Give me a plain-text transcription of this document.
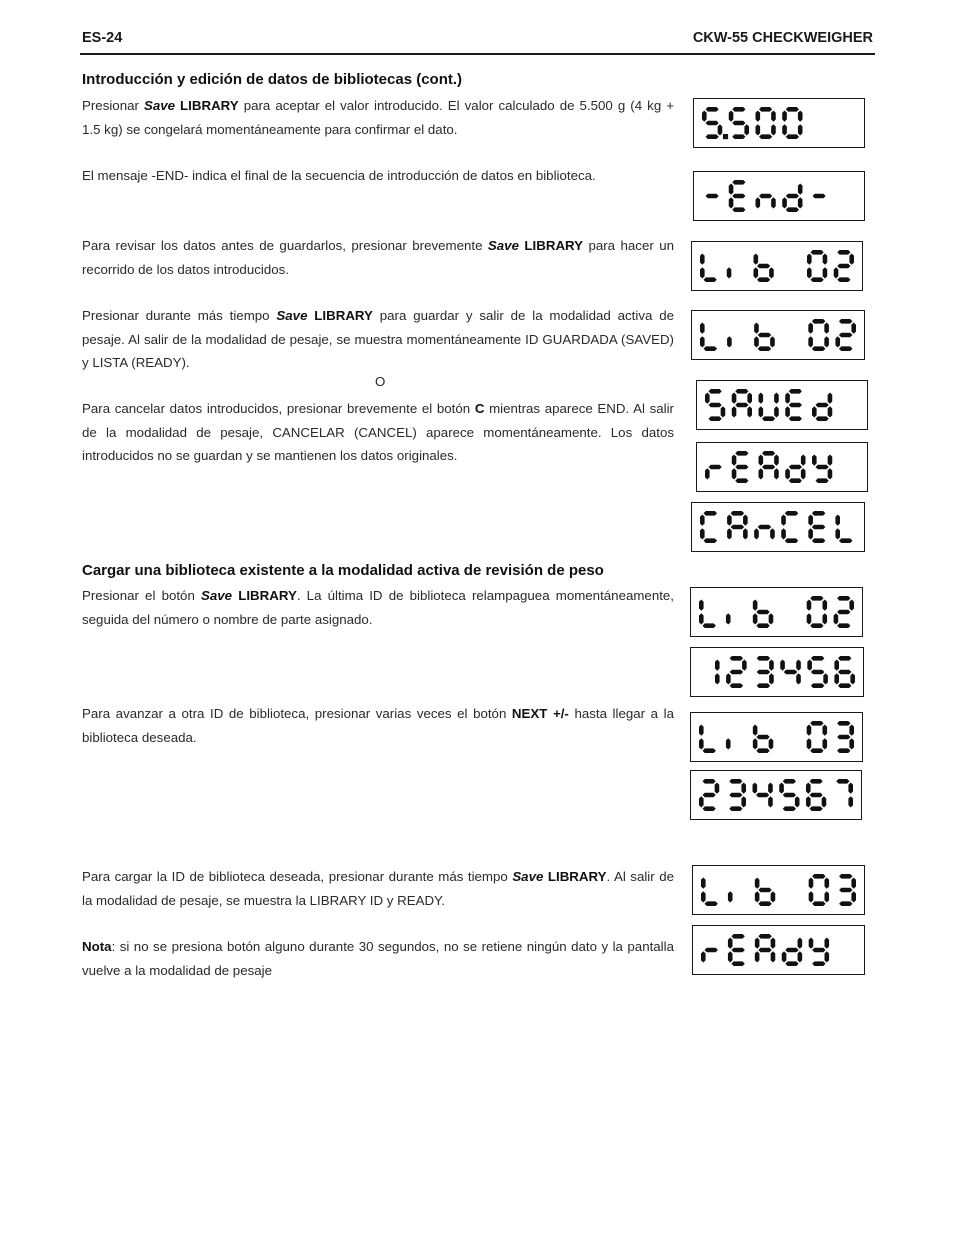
ES-24	CKW-55 CHECKWEIGHER
Introducción y edición de datos de bibliotecas (cont.)
Presionar Save LIBRARY para aceptar el valor introducido. El valor calculado de 5.500 g (4 kg + 1.5 kg) se congelará momentáneamente para confirmar el dato.
El mensaje -END- indica el final de la secuencia de introducción de datos en biblioteca.
Para revisar los datos antes de guardarlos, presionar brevemente Save LIBRARY para hacer un recorrido de los datos introducidos.
Presionar durante más tiempo Save LIBRARY para guardar y salir de la modalidad activa de pesaje. Al salir de la modalidad de pesaje, se muestra momentáneamente ID GUARDADA (SAVED) y LISTA (READY).
O
Para cancelar datos introducidos, presionar brevemente el botón C mientras aparece END. Al salir de la modalidad de pesaje, CANCELAR (CANCEL) aparece momentáneamente. Los datos introducidos no se guardan y se mantienen los datos originales.
Cargar una biblioteca existente a la modalidad activa de revisión de peso
Presionar el botón Save LIBRARY. La última ID de biblioteca relampaguea momentáneamente, seguida del número o nombre de parte asignado.
Para avanzar a otra ID de biblioteca, presionar varias veces el botón NEXT +/- hasta llegar a la biblioteca deseada.
Para cargar la ID de biblioteca deseada, presionar durante más tiempo Save LIBRARY. Al salir de la modalidad de pesaje, se muestra la LIBRARY ID y READY.
Nota: si no se presiona botón alguno durante 30 segundos, no se retiene ningún dato y la pantalla vuelve a la modalidad de pesaje
